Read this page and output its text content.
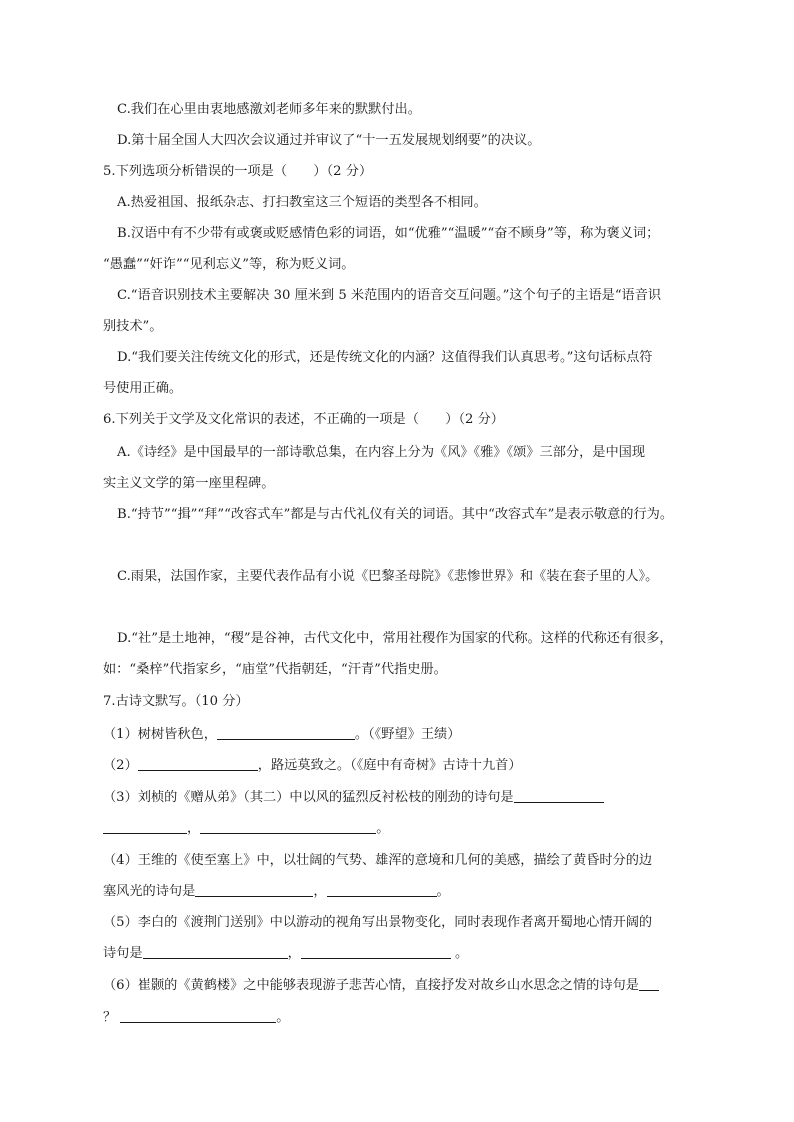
C.我们在心里由衷地感激刘老师多年来的默默付出。
D.第十届全国人大四次会议通过并审议了“十一五发展规划纲要”的决议。
5.下列选项分析错误的一项是（　　）（2 分）
A.热爱祖国、报纸杂志、打扫教室这三个短语的类型各不相同。
B.汉语中有不少带有或褒或贬感情色彩的词语，如“优雅”“温暖”“奋不顾身”等，称为褒义词；
“愚蠢”“奸诈”“见利忘义”等，称为贬义词。
C.“语音识别技术主要解决 30 厘米到 5 米范围内的语音交互问题。”这个句子的主语是“语音识
别技术”。
D.“我们要关注传统文化的形式，还是传统文化的内涵？这值得我们认真思考。”这句话标点符
号使用正确。
6.下列关于文学及文化常识的表述，不正确的一项是（　　）（2 分）
A.《诗经》是中国最早的一部诗歌总集，在内容上分为《风》《雅》《颂》三部分，是中国现
实主义文学的第一座里程碑。
B.“持节”“揖”“拜”“改容式车”都是与古代礼仪有关的词语。其中“改容式车”是表示敬意的行为。
C.雨果，法国作家，主要代表作品有小说《巴黎圣母院》《悲惨世界》和《装在套子里的人》。
D.“社”是土地神，“稷”是谷神，古代文化中，常用社稷作为国家的代称。这样的代称还有很多，
如：“桑梓”代指家乡，“庙堂”代指朝廷，“汗青”代指史册。
7.古诗文默写。（10 分）
（1）树树皆秋色，	。（《野望》王绩）
（2）	，路远莫致之。（《庭中有奇树》古诗十九首）
（3）刘桢的《赠从弟》（其二）中以风的猛烈反衬松枝的刚劲的诗句是
，	。
（4）王维的《使至塞上》中，以壮阔的气势、雄浑的意境和几何的美感，描绘了黄昏时分的边
塞风光的诗句是	，	。
（5）李白的《渡荆门送别》中以游动的视角写出景物变化，同时表现作者离开蜀地心情开阔的
诗句是	，	。
（6）崔颢的《黄鹤楼》之中能够表现游子悲苦心情，直接抒发对故乡山水思念之情的诗句是
？	。
